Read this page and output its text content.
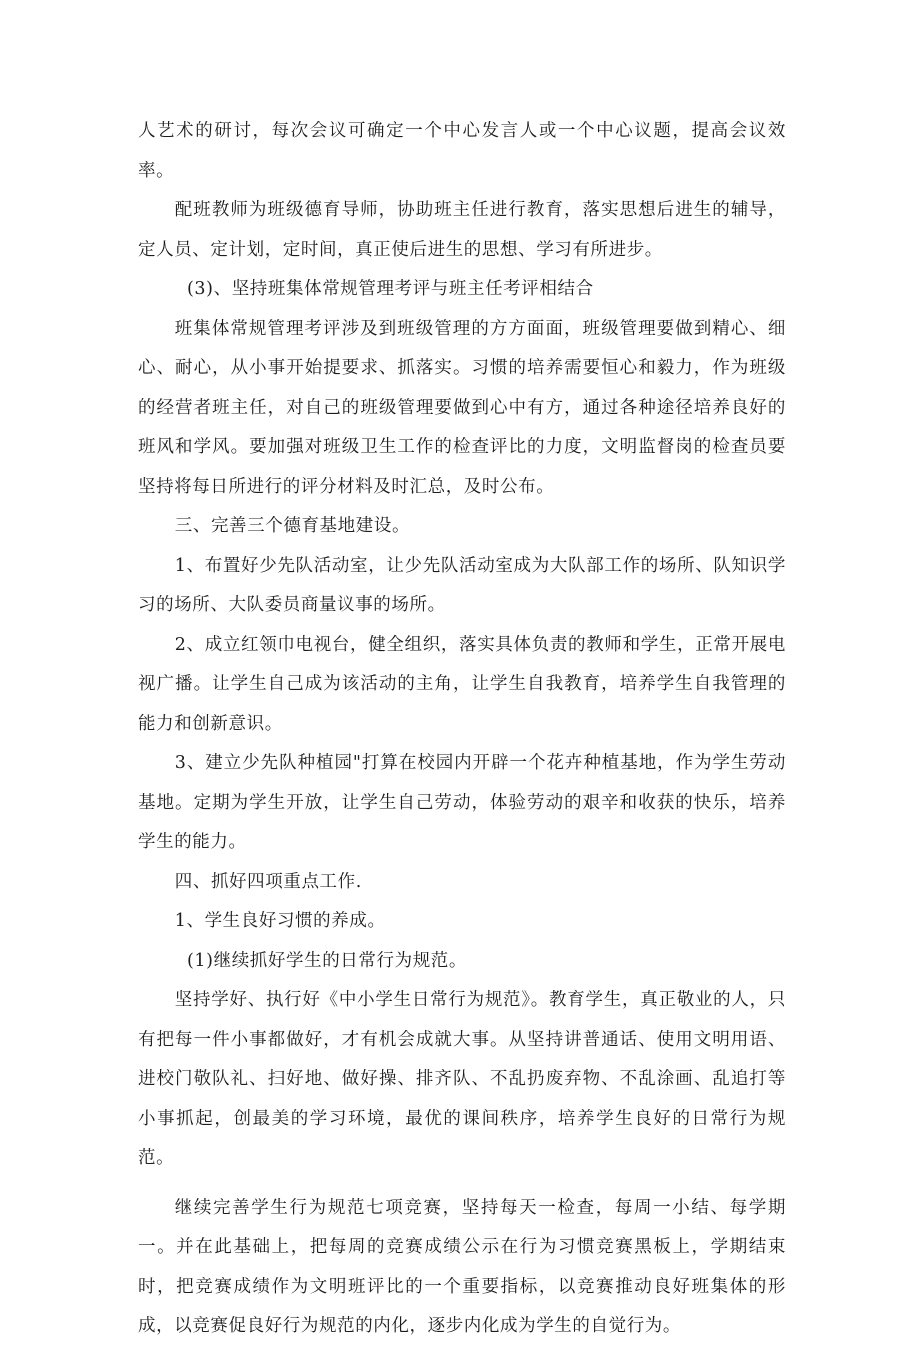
人艺术的研讨，每次会议可确定一个中心发言人或一个中心议题，提高会议效率。

配班教师为班级德育导师，协助班主任进行教育，落实思想后进生的辅导，定人员、定计划，定时间，真正使后进生的思想、学习有所进步。

(3)、坚持班集体常规管理考评与班主任考评相结合

班集体常规管理考评涉及到班级管理的方方面面，班级管理要做到精心、细心、耐心，从小事开始提要求、抓落实。习惯的培养需要恒心和毅力，作为班级的经营者班主任，对自己的班级管理要做到心中有方，通过各种途径培养良好的班风和学风。要加强对班级卫生工作的检查评比的力度，文明监督岗的检查员要坚持将每日所进行的评分材料及时汇总，及时公布。

三、完善三个德育基地建设。

1、布置好少先队活动室，让少先队活动室成为大队部工作的场所、队知识学习的场所、大队委员商量议事的场所。

2、成立红领巾电视台，健全组织，落实具体负责的教师和学生，正常开展电视广播。让学生自己成为该活动的主角，让学生自我教育，培养学生自我管理的能力和创新意识。

3、建立少先队种植园"打算在校园内开辟一个花卉种植基地，作为学生劳动基地。定期为学生开放，让学生自己劳动，体验劳动的艰辛和收获的快乐，培养学生的能力。

四、抓好四项重点工作.

1、学生良好习惯的养成。

(1)继续抓好学生的日常行为规范。

坚持学好、执行好《中小学生日常行为规范》。教育学生，真正敬业的人，只有把每一件小事都做好，才有机会成就大事。从坚持讲普通话、使用文明用语、进校门敬队礼、扫好地、做好操、排齐队、不乱扔废弃物、不乱涂画、乱追打等小事抓起，创最美的学习环境，最优的课间秩序，培养学生良好的日常行为规范。

继续完善学生行为规范七项竞赛，坚持每天一检查，每周一小结、每学期一。并在此基础上，把每周的竞赛成绩公示在行为习惯竞赛黑板上，学期结束时，把竞赛成绩作为文明班评比的一个重要指标，以竞赛推动良好班集体的形成，以竞赛促良好行为规范的内化，逐步内化成为学生的自觉行为。
